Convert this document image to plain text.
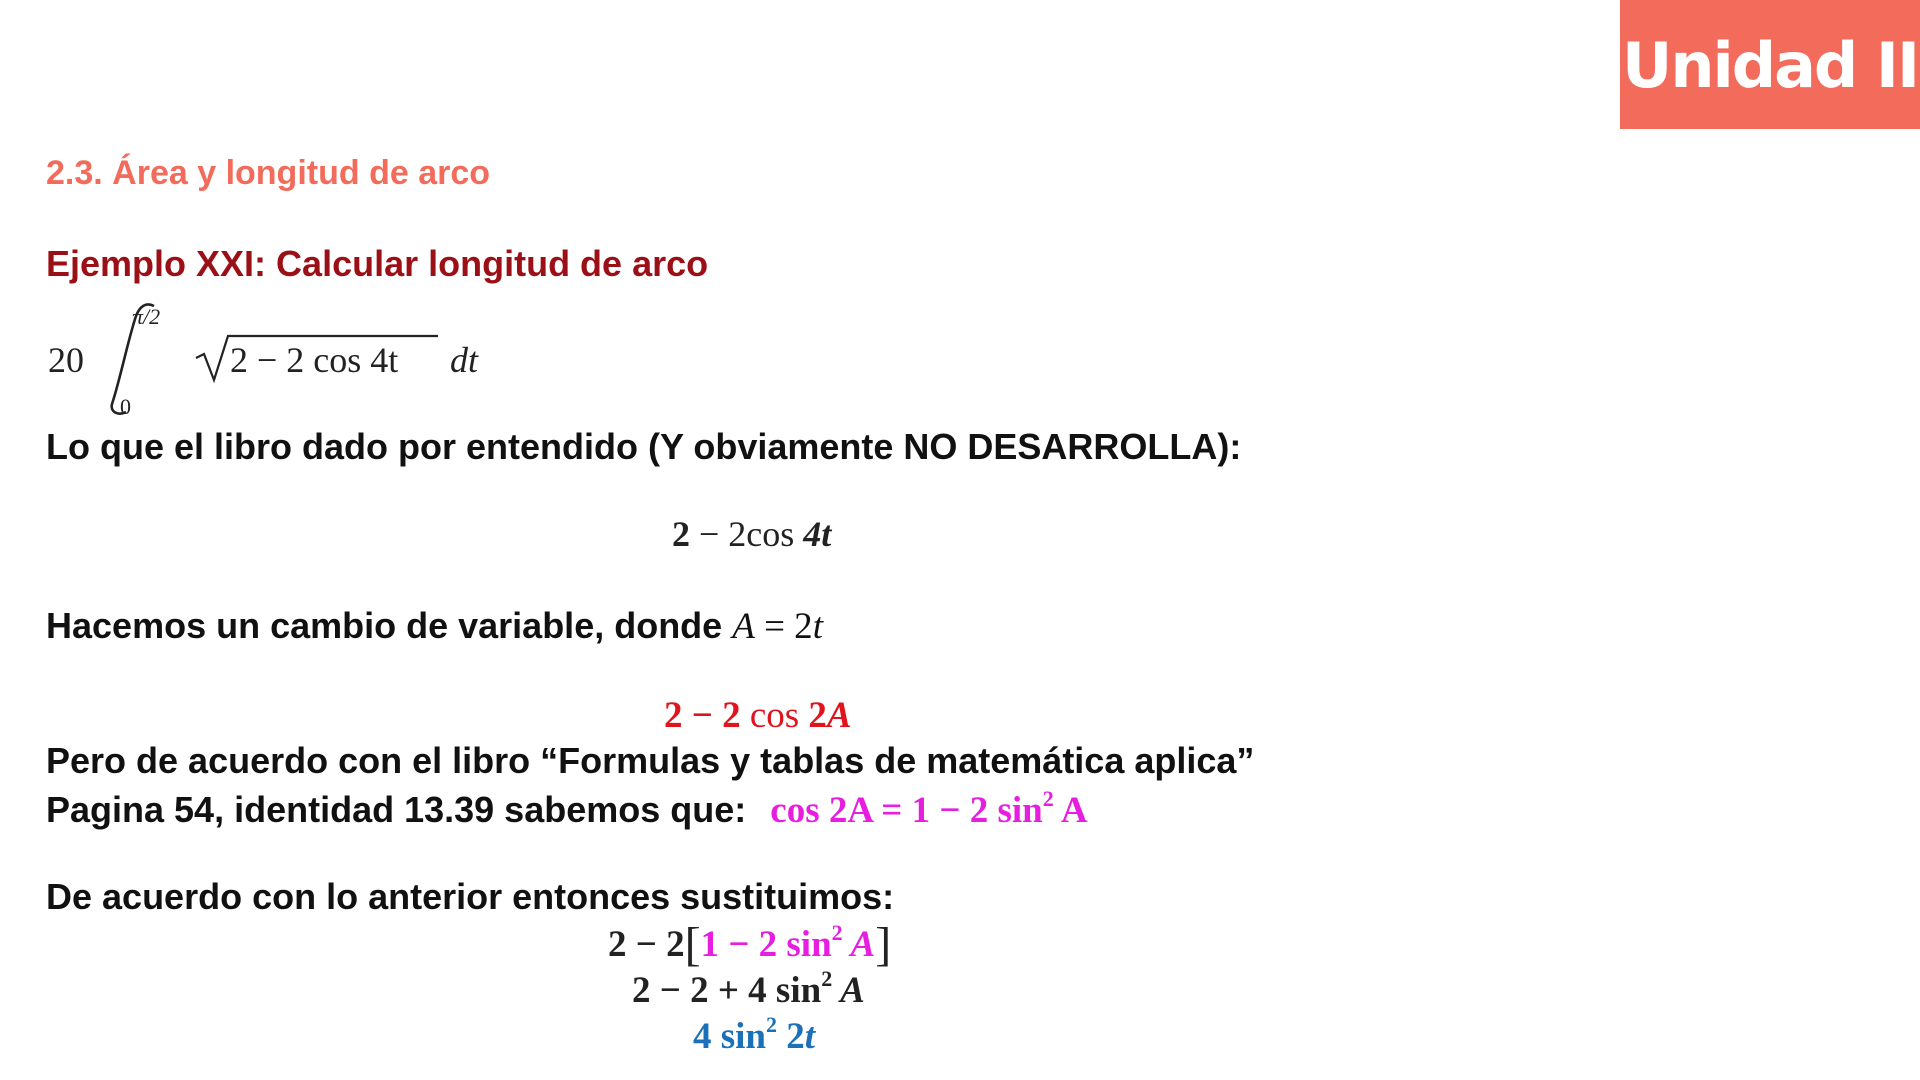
Unidad II
2.3. Área y longitud de arco
Ejemplo XXI: Calcular longitud de arco
20
π/2
0
2 − 2 cos 4t dt
Lo que el libro dado por entendido (Y obviamente NO DESARROLLA):
2 − 2cos 4t
Hacemos un cambio de variable, donde A = 2t
2 − 2 cos 2A
Pero de acuerdo con el libro “Formulas y tablas de matemática aplica”
Pagina 54, identidad 13.39 sabemos que: cos 2A = 1 − 2 $\sin^2 A$
De acuerdo con lo anterior entonces sustituimos:
2 − 2[1 − 2 $\sin^2 A$]
2 − 2 + 4 $\sin^2 A$
4 $\sin^2 2t$
